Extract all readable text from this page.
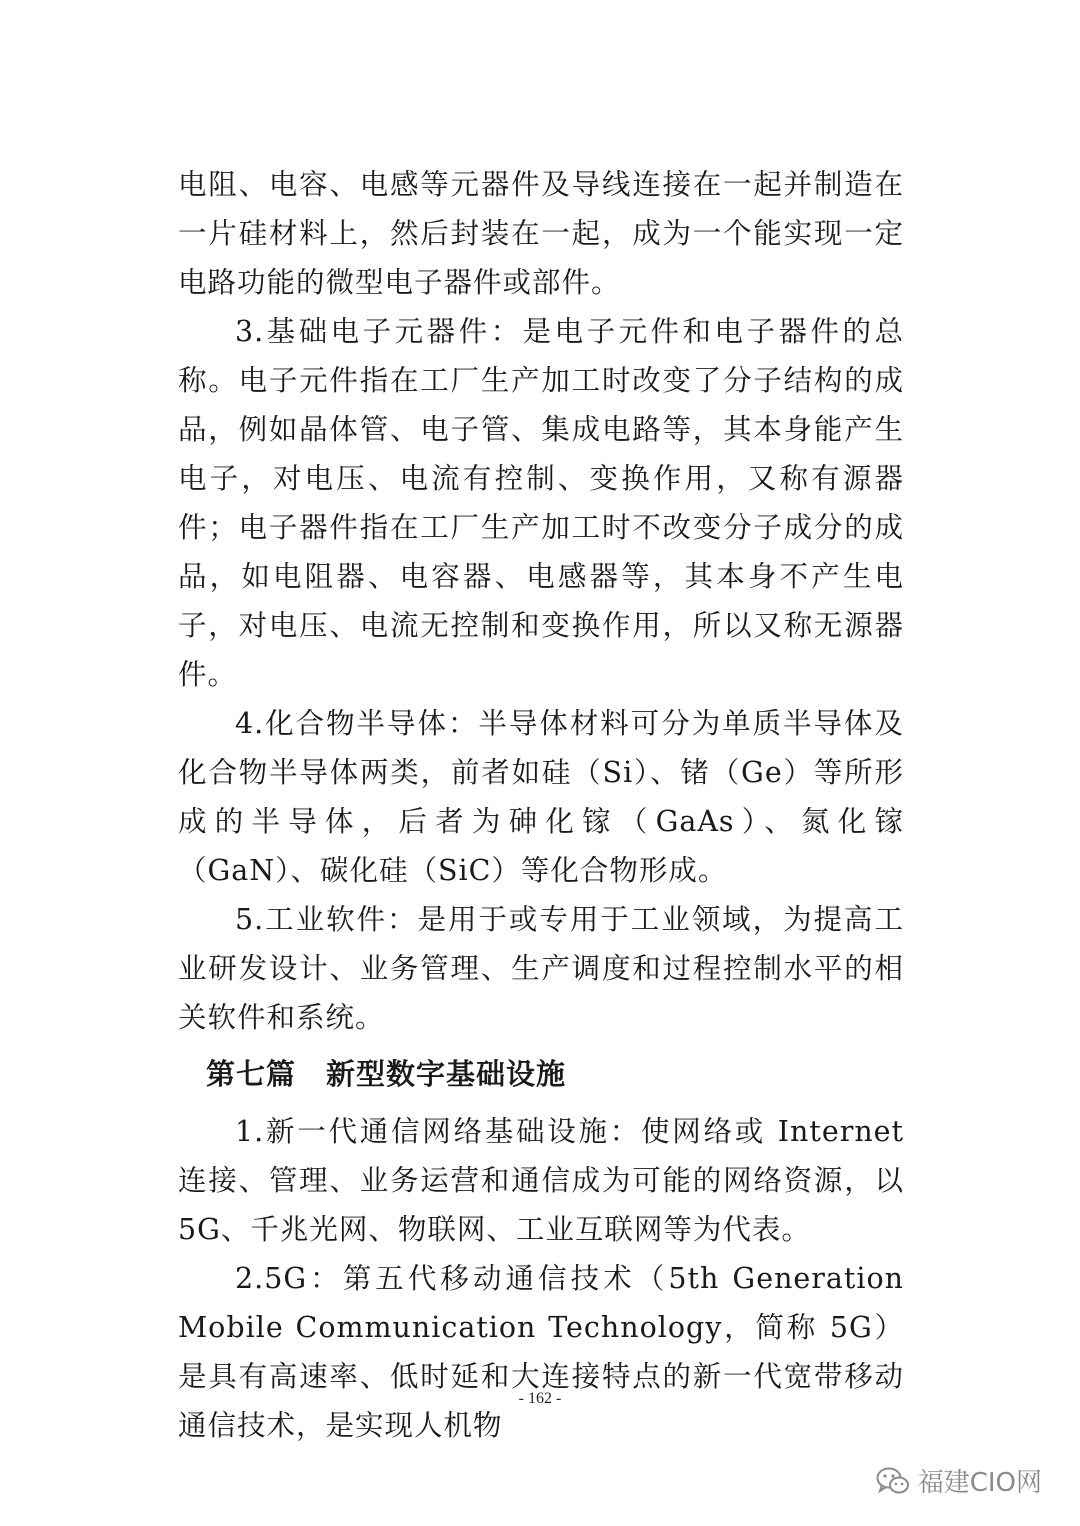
电阻、电容、电感等元器件及导线连接在一起并制造在一片硅材料上，然后封装在一起，成为一个能实现一定电路功能的微型电子器件或部件。

3.基础电子元器件：是电子元件和电子器件的总称。电子元件指在工厂生产加工时改变了分子结构的成品，例如晶体管、电子管、集成电路等，其本身能产生电子，对电压、电流有控制、变换作用，又称有源器件；电子器件指在工厂生产加工时不改变分子成分的成品，如电阻器、电容器、电感器等，其本身不产生电子，对电压、电流无控制和变换作用，所以又称无源器件。

4.化合物半导体：半导体材料可分为单质半导体及化合物半导体两类，前者如硅（Si）、锗（Ge）等所形成的半导体，后者为砷化镓（GaAs）、氮化镓（GaN）、碳化硅（SiC）等化合物形成。

5.工业软件：是用于或专用于工业领域，为提高工业研发设计、业务管理、生产调度和过程控制水平的相关软件和系统。

第七篇　新型数字基础设施

1.新一代通信网络基础设施：使网络或 Internet 连接、管理、业务运营和通信成为可能的网络资源，以 5G、千兆光网、物联网、工业互联网等为代表。

2.5G：第五代移动通信技术（5th Generation Mobile Communication Technology，简称 5G）是具有高速率、低时延和大连接特点的新一代宽带移动通信技术，是实现人机物

- 162 -
福建CIO网
